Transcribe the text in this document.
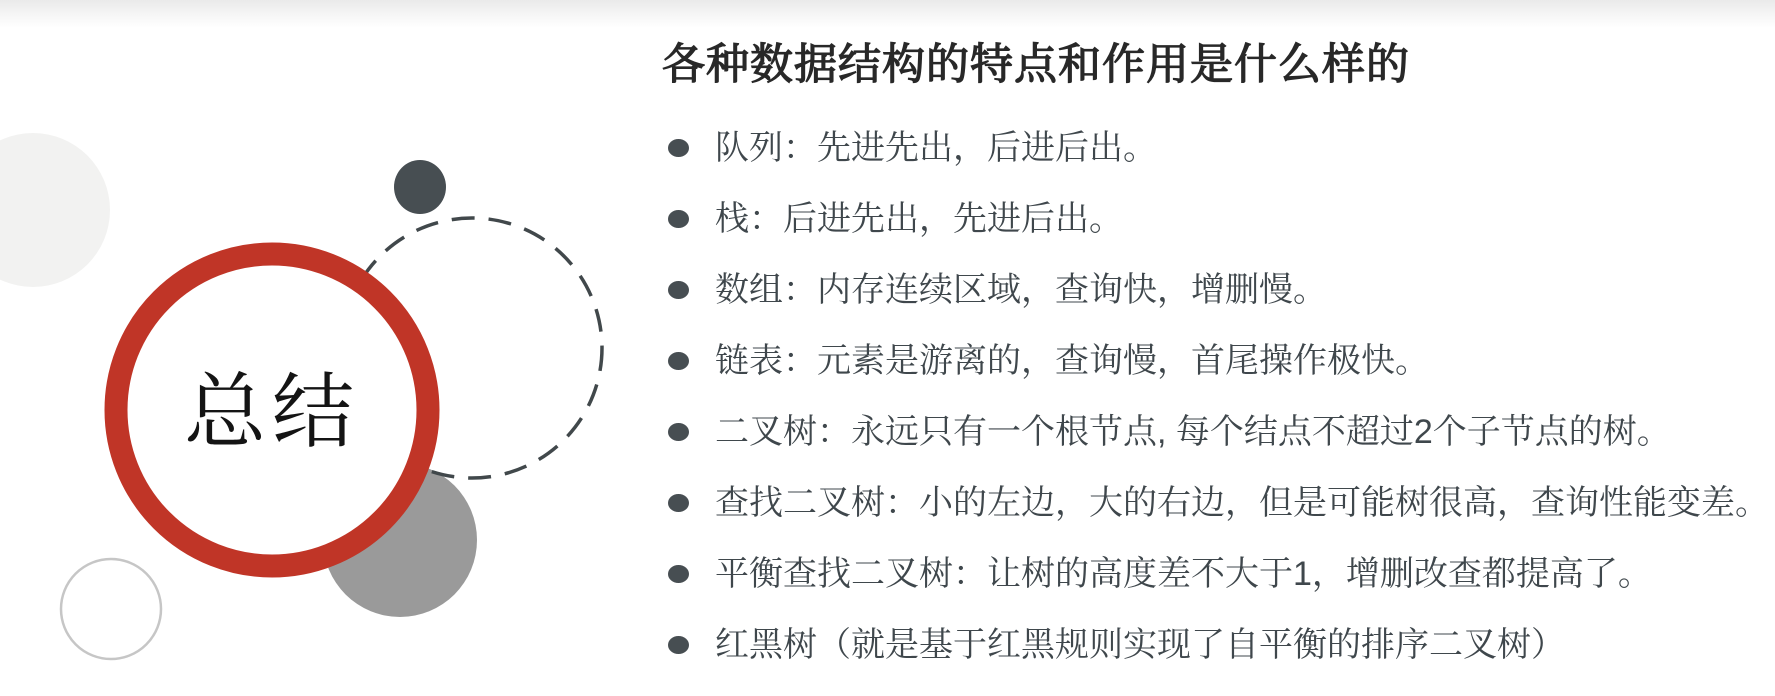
总结
各种数据结构的特点和作用是什么样的
队列：先进先出，后进后出。
栈：后进先出，先进后出。
数组：内存连续区域，查询快，增删慢。
链表：元素是游离的，查询慢，首尾操作极快。
二叉树：永远只有一个根节点, 每个结点不超过2个子节点的树。
查找二叉树：小的左边，大的右边，但是可能树很高，查询性能变差。
平衡查找二叉树：让树的高度差不大于1，增删改查都提高了。
红黑树（就是基于红黑规则实现了自平衡的排序二叉树）
